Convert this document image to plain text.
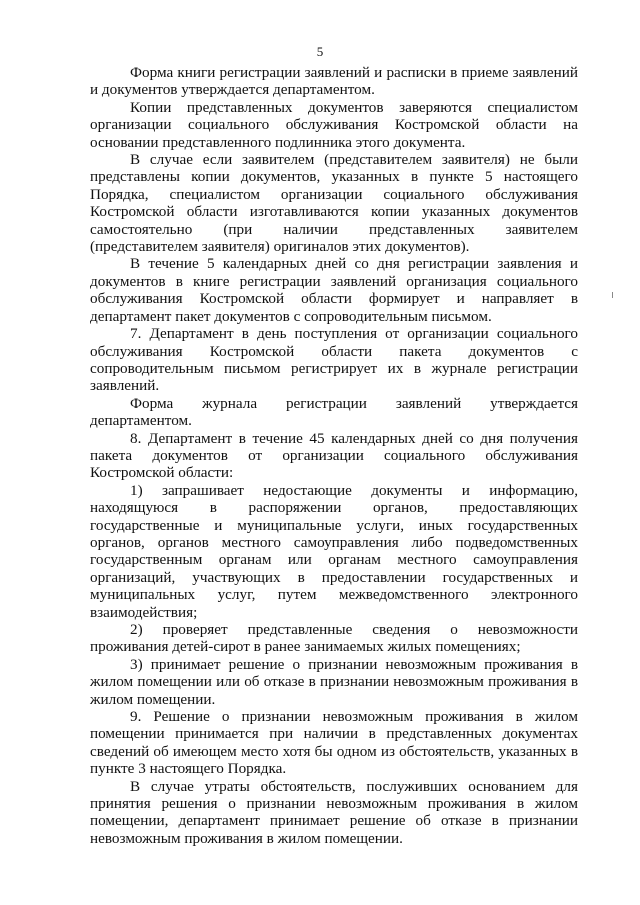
5

Форма книги регистрации заявлений и расписки в приеме заявлений и документов утверждается департаментом.

Копии представленных документов заверяются специалистом организации социального обслуживания Костромской области на основании представленного подлинника этого документа.

В случае если заявителем (представителем заявителя) не были представлены копии документов, указанных в пункте 5 настоящего Порядка, специалистом организации социального обслуживания Костромской области изготавливаются копии указанных документов самостоятельно (при наличии представленных заявителем (представителем заявителя) оригиналов этих документов).

В течение 5 календарных дней со дня регистрации заявления и документов в книге регистрации заявлений организация социального обслуживания Костромской области формирует и направляет в департамент пакет документов с сопроводительным письмом.

7. Департамент в день поступления от организации социального обслуживания Костромской области пакета документов с сопроводительным письмом регистрирует их в журнале регистрации заявлений.

Форма журнала регистрации заявлений утверждается департаментом.

8. Департамент в течение 45 календарных дней со дня получения пакета документов от организации социального обслуживания Костромской области:

1) запрашивает недостающие документы и информацию, находящуюся в распоряжении органов, предоставляющих государственные и муниципальные услуги, иных государственных органов, органов местного самоуправления либо подведомственных государственным органам или органам местного самоуправления организаций, участвующих в предоставлении государственных и муниципальных услуг, путем межведомственного электронного взаимодействия;

2) проверяет представленные сведения о невозможности проживания детей-сирот в ранее занимаемых жилых помещениях;

3) принимает решение о признании невозможным проживания в жилом помещении или об отказе в признании невозможным проживания в жилом помещении.

9. Решение о признании невозможным проживания в жилом помещении принимается при наличии в представленных документах сведений об имеющем место хотя бы одном из обстоятельств, указанных в пункте 3 настоящего Порядка.

В случае утраты обстоятельств, послуживших основанием для принятия решения о признании невозможным проживания в жилом помещении, департамент принимает решение об отказе в признании невозможным проживания в жилом помещении.
